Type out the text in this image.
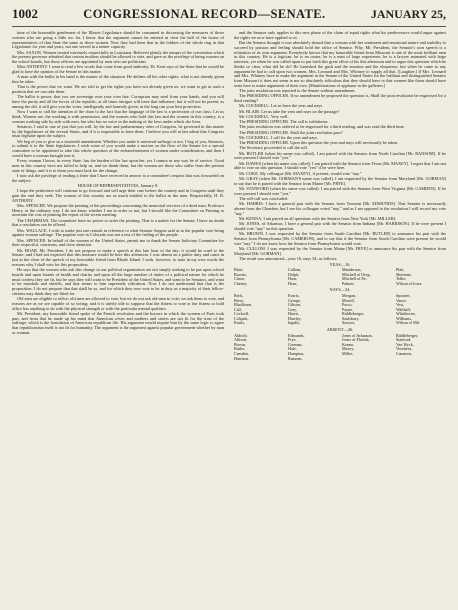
1002	CONGRESSIONAL RECORD—SENATE.	JANUARY 25,

time of the honorable gentlemen of the Illinois Legislature should be consumed in discussing the measures of those women who are going a little too far. I know that the argument cannot be entered in clear the half of the house of representatives of that State the same as those women. Now they had been that in the lobbies of the whole ring in that Legislature for year and years, not one served in a neuter capacity.

Mrs. SAXON. Women treated extremely respectfully in Louisiana. Believed plainly the temper of the convention which the present governor admitted that certain mothers should be allowed to vote, and gave us the privilege of being women on the school boards, but those officers are appointed by men who are politicians.

Miss ANTHONY. I want to read a few words that come from good authority. Dr. Kent says of the State that he would be glad to have the opinion of the Senate in this matter.

A man with the ballot in his hand is the master of the situation. He defines all his other rights; what is not already given him he takes.

That is the power that we want. We are told to get the rights you have not already given us; we want to get in such a position that we can take them.

The ballot is power, that you are sovereign over your own fate. Corruption may steal from your hands, and you will have the purity and all the forces of the republic; at all times intrigue will have that influence; but it will not be potent; as among the old, it will give you the votes, intelligently and honestly given, in the long run your best protection.

Now I want to call the attention of the chair to the fact that the language of the law is a protection of our class. Let us think. Women are, the working is with permission, and the women who hold this law and the women in this country, is a woman working side by side with men, but who has no voice in the making of the laws under which she lives.

Senators, I said to one of you that you will, by the law and parliamentary rules of Congress, be governed in this matter by the legislatures of the several States, and if it is impossible to have them, I believe you will at last admit that Congress must legislate upon the subject.

We beg of you to give us a sixteenth amendment. Whether you make it universal suffrage or not, I beg of you, Senators, to submit it to the State legislatures. I wish some of you would make a motion on the floor of the Senate for a special committee to be appointed to take this whole question of the enfranchisement of women under consideration, and then I would have a woman brought into it.

Every woman I know, in every State, has the burden of the law upon her, yet I cannot in any way be of service. Good men in this country have not failed to help us, and we thank them; but the women are those who suffer from the present state of things, and it is to them you must look for the change.

I now ask the privilege of reading a letter that I have received in answer to a committee's request that was forwarded on the subject:

HOUSE OF REPRESENTATIVES, January 8.

I hope the petitioners will continue to go forward and will urge their case before the country and in Congress until they gain the end they seek. The women of this country are as much entitled to the ballot as the men. Respectfully, H. B. ANTHONY.

Mrs. SPENCER. We propose the printing of the proceedings concerning the memorial services of a dead man, Professor Henry, in the ordinary way. I do not know whether I am in order or not, but I should like the Committee on Printing to ascertain the cost of printing the report of the recent meeting.

The CHAIRMAN. The committee have no power to order the printing. That is a matter for the Senate; I have no doubt that a resolution can be offered.

Mrs. WALLACE. I wish to make just one remark in reference to what Senator Sargent said as to the popular vote being against woman suffrage. The popular vote in Colorado was not a test of the feeling of the people.

Mrs. SPENCER. In behalf of the women of the United States, permit me to thank the Senate Judiciary Committee for their respectful, courteous, and close attention.

Mr. HOAR. Mr. President, I do not propose to make a speech at this late hour of the day; it would be cruel to the Senate; and I had not expected that this measure would be here this afternoon. I was absent on a public duty and came in just at the close of the speech of my honorable friend from Rhode Island. I wish, however, to state in my own words the reasons why I shall vote for this proposition.

He says that the women who ask this change in our political organization are not simply seeking to be put upon school boards and upon boards of health and charity and upon all the large number of duties of a political nature for which he must confess they are fit, but he says they will want to be President of the United States, and want to be Senators, and want to be marshals and sheriffs, and that seems to him supremely ridiculous. Now I do not understand that that is the proposition. I do not propose that that shall be so, and for which they now vote to be in duty as a majority of their fellow-citizens may think they are fitted for.

Old men are eligible to office; old men are allowed to vote, but we do not ask old men to vote; we ask them to vote, and reasons are as we are capable of so voting; and it is utterly idle to suppose that the fitness to vote or the fitness to hold office has anything to do with the physical strength or with the particular mental qualities.

Mr. President, my honorable friend spoke of the French revolution and the horrors in which the women of Paris took part, and from that he made up his mind that American wives and mothers and sisters are not fit for the trust of the suffrage, which is the foundation of American republican life. His argument would require him by the same logic to agree that republicanism itself is not fit for humanity. The argument is the argument against popular government whether by man or woman,

and the Senator only applies to this new phase of the claim of equal rights what his predecessors would argue against the rights we now have applied to us.

But the Senator thought it was absolutely absurd that a woman with her sentiment and emotional nature and inability to succeed by passion and feeling should hold the office of Senator. Why, Mr. President, the Senator's own speech is a refutation of its own argument. Everybody knows that my honorable friend from Missouri is one of the most brilliant men in this country. He is a logician, he is an orator, he is a man of large experience, he is a lawyer animated with large interests; yet when he was called upon to put forth this great effort of his this afternoon and to argue this question which he thinks so clear, what did he do? He furnished the gush and the emotion and the eloquence, but when he came to any argument he had to call upon two women, Mrs. Leonard and Mrs. Whitney to supply all that. [Laughter.] If Mrs. Leonard and Mrs. Whitney have to make the argument in the Senate of the United States for the brilliant and distinguished Senator from Missouri it does not seem to me so absolutely ridiculous that they should have or that women like them should have seats here to make arguments of their own. [Manifestations of applause in the galleries.]

The joint resolution was reported to the Senate without amendment.

The PRESIDING OFFICER. If no amendment be proposed the question is, Shall the joint resolution be engrossed for a third reading?

Mr. COCKRELL. Let us have the yeas and nays.

Mr. BLAIR. Let us take the yeas and nays on the passage?

Mr. COCKRELL. Very well.

The PRESIDING OFFICER. The call is withdrawn.

The joint resolution was ordered to be engrossed for a third reading, and was read the third time.

The PRESIDING OFFICER. Shall the joint resolution pass?

Mr. COCKRELL. I call for the yeas and nays.

The PRESIDING OFFICER. Upon this question the yeas and nays will necessarily be taken.

The Secretary proceeded to call the roll.

Mr. BUTLER (when his name was called). I am paired with the Senator from North Carolina [Mr. RANSOM]. If he were present I should vote "yea."

Mr. DAWES (when his name was called). I am paired with the Senator from Texas [Mr. MAXEY]. I regret that I am not able to vote on this question. I should vote "yea" if he were here.

Mr. COKE. My colleague [Mr. MAXEY], if present, would vote "nay."

Mr. GRAY (when Mr. GORMAN'S name was called). I am requested by the Senator from Maryland [Mr. GORMAN] to say that he is paired with the Senator from Maine [Mr. FRYE].

Mr. STANFORD (when his name was called). I am paired with the Senator from West Virginia [Mr. CAMDEN]. If he were present I should vote "yea."

The roll-call was concluded.

Mr. HARRIS. I have a general pair with the Senator from Vermont [Mr. EDMUNDS]. That Senator is necessarily absent from the Chamber, but I see his colleague voted "nay," and as I am opposed to the resolution I will record my vote "nay."

Mr. KENNA. I am paired on all questions with the Senator from New York [Mr. MILLER].

Mr. JONES, of Arkansas. I have a general pair with the Senator from Indiana [Mr. HARRISON]. If he were present I should vote "nay" on this question.

Mr. BROWN. I was requested by the Senator from South Carolina [Mr. BUTLER] to announce his pair with the Senator from Pennsylvania [Mr. CAMERON], and to say that if the Senator from South Carolina were present he would vote "nay." I do not know how the Senator from Pennsylvania would vote.

Mr. CULLOM. I was requested by the Senator from Maine [Mr. FRYE] to announce his pair with the Senator from Maryland [Mr. GORMAN].

The result was announced—yeas 16, nays 34; as follows:

YEAS—16.
Blair,	Cullom,	Manderson,	Platt,
Bowen,	Dolph,	Mitchell of Oreg.,	Sherman,
Chace,	Hoar,	Mitchell of Pa.,	Teller,
Cheney,	Hoar,	Palmer,	Wilson of Iowa.
NAYS—34.
Beck,	Evarts,	Morgan,	Spooner,
Berry,	George,	Morrill,	Vance,
Blackburn,	Gibson,	Pasco,	Vest,
Call,	Gray,	Payne,	Walthall,
Cockrell,	Harris,	Riddleberger,	Whitthorne,
Colquitt,	Hawley,	Saulsbury,	Williams,
Eustis,	Ingalls,	Sawyer,	Wilson of Md.
ABSENT—26.
Aldrich,	Edmunds,	Jones of Arkansas,	Riddleberger,
Allison,	Frye,	Jones of Florida,	Stanford,
Brown,	Gorman,	Kenna,	Van Wyck,
Butler,	Hale,	Maxey,	Voorhees,
Camden,	Hampton,	Miller,	Cameron,
Harrison,	Ransom,
